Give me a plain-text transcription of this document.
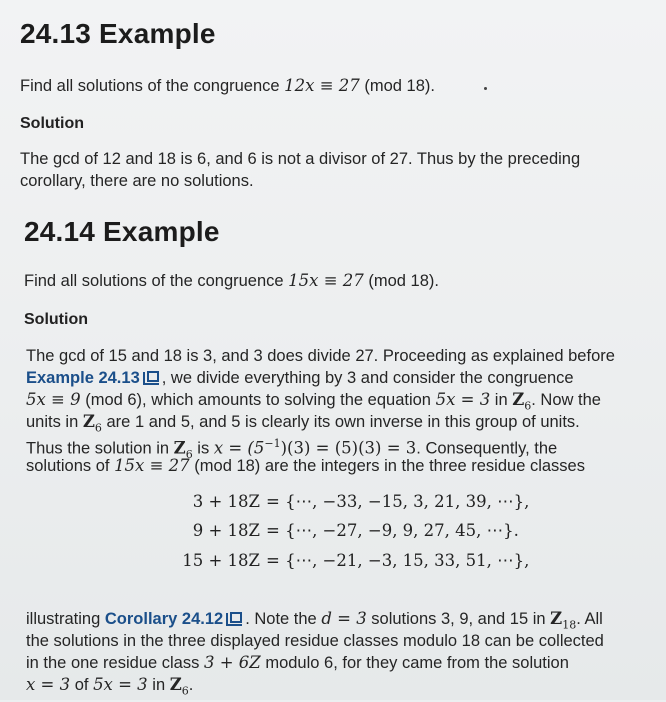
24.13 Example
Find all solutions of the congruence 12x ≡ 27 (mod 18).
Solution
The gcd of 12 and 18 is 6, and 6 is not a divisor of 27. Thus by the preceding
corollary, there are no solutions.
24.14 Example
Find all solutions of the congruence 15x ≡ 27 (mod 18).
Solution
The gcd of 15 and 18 is 3, and 3 does divide 27. Proceeding as explained before
Example 24.13 , we divide everything by 3 and consider the congruence
5x ≡ 9 (mod 6), which amounts to solving the equation 5x = 3 in $Z_6$. Now the
units in $Z_6$ are 1 and 5, and 5 is clearly its own inverse in this group of units.
Thus the solution in $Z_6$ is $x = (5^{-1})(3) = (5)(3) = 3$. Consequently, the
solutions of 15x ≡ 27 (mod 18) are the integers in the three residue classes
3 + 18Z = {⋯, −33, −15, 3, 21, 39, ⋯},
9 + 18Z = {⋯, −27, −9, 9, 27, 45, ⋯}.
15 + 18Z = {⋯, −21, −3, 15, 33, 51, ⋯},
illustrating Corollary 24.12 . Note the d = 3 solutions 3, 9, and 15 in $Z_{18}$. All
the solutions in the three displayed residue classes modulo 18 can be collected
in the one residue class 3 + 6Z modulo 6, for they came from the solution
x = 3 of 5x = 3 in $Z_6$.
